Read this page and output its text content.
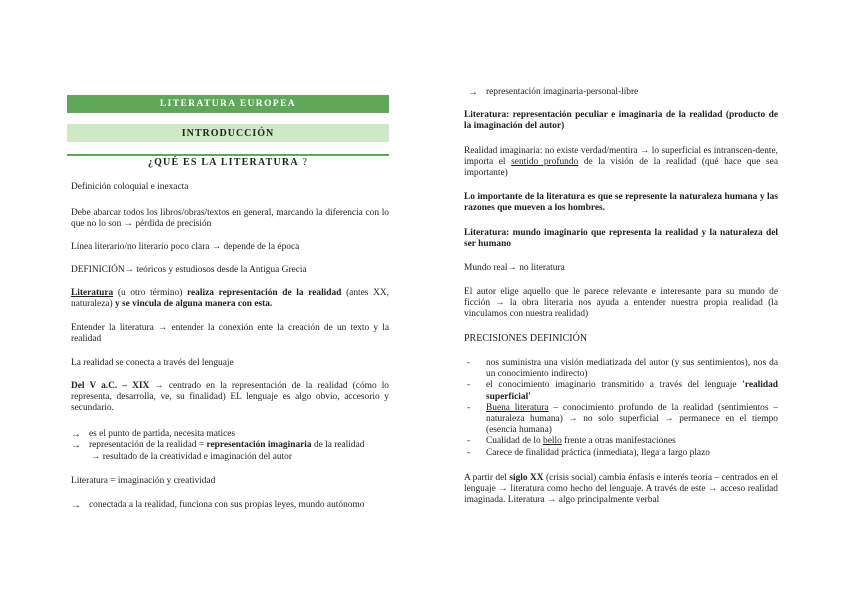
LITERATURA EUROPEA
INTRODUCCIÓN
¿QUÉ ES LA LITERATURA ?

Definición coloquial e inexacta

Debe abarcar todos los libros/obras/textos en general, marcando la diferencia con lo que no lo son → pérdida de precisión

Línea literario/no literario poco clara → depende de la época

DEFINICIÓN→ teóricos y estudiosos desde la Antigua Grecia

Literatura (u otro término) realiza representación de la realidad (antes XX, naturaleza) y se vincula de alguna manera con esta.

Entender la literatura → entender la conexión ente la creación de un texto y la realidad

La realidad se conecta a través del lenguaje

Del V a.C. – XIX → centrado en la representación de la realidad (cómo lo representa, desarrolla, ve, su finalidad) EL lenguaje es algo obvio, accesorio y secundario.

→ es el punto de partida, necesita matices
→ representación de la realidad = representación imaginaria de la realidad

→ resultado de la creatividad e imaginación del autor

Literatura = imaginación y creatividad

→ conectada a la realidad, funciona con sus propias leyes, mundo autónomo
→ representación imaginaria-personal-libre

Literatura: representación peculiar e imaginaria de la realidad (producto de la imaginación del autor)

Realidad imaginaria: no existe verdad/mentira → lo superficial es intranscen-dente, importa el sentido profundo de la visión de la realidad (qué hace que sea importante)

Lo importante de la literatura es que se represente la naturaleza humana y las razones que mueven a los hombres.

Literatura: mundo imaginario que representa la realidad y la naturaleza del ser humano

Mundo real→ no literatura

El autor elige aquello que le parece relevante e interesante para su mundo de ficción → la obra literaria nos ayuda a entender nuestra propia realidad (la vinculamos con nuestra realidad)

PRECISIONES DEFINICIÓN

- nos suministra una visión mediatizada del autor (y sus sentimientos), nos da un conocimiento indirecto)
- el conocimiento imaginario transmitido a través del lenguaje 'realidad superficial'
- Buena literatura – conocimiento profundo de la realidad (sentimientos – naturaleza humana) → no solo superficial → permanece en el tiempo (esencia humana)
- Cualidad de lo bello frente a otras manifestaciones
- Carece de finalidad práctica (inmediata), llega a largo plazo

A partir del siglo XX (crisis social) cambia énfasis e interés teoría – centrados en el lenguaje → literatura como hecho del lenguaje. A través de este → acceso realidad imaginada. Literatura → algo principalmente verbal
